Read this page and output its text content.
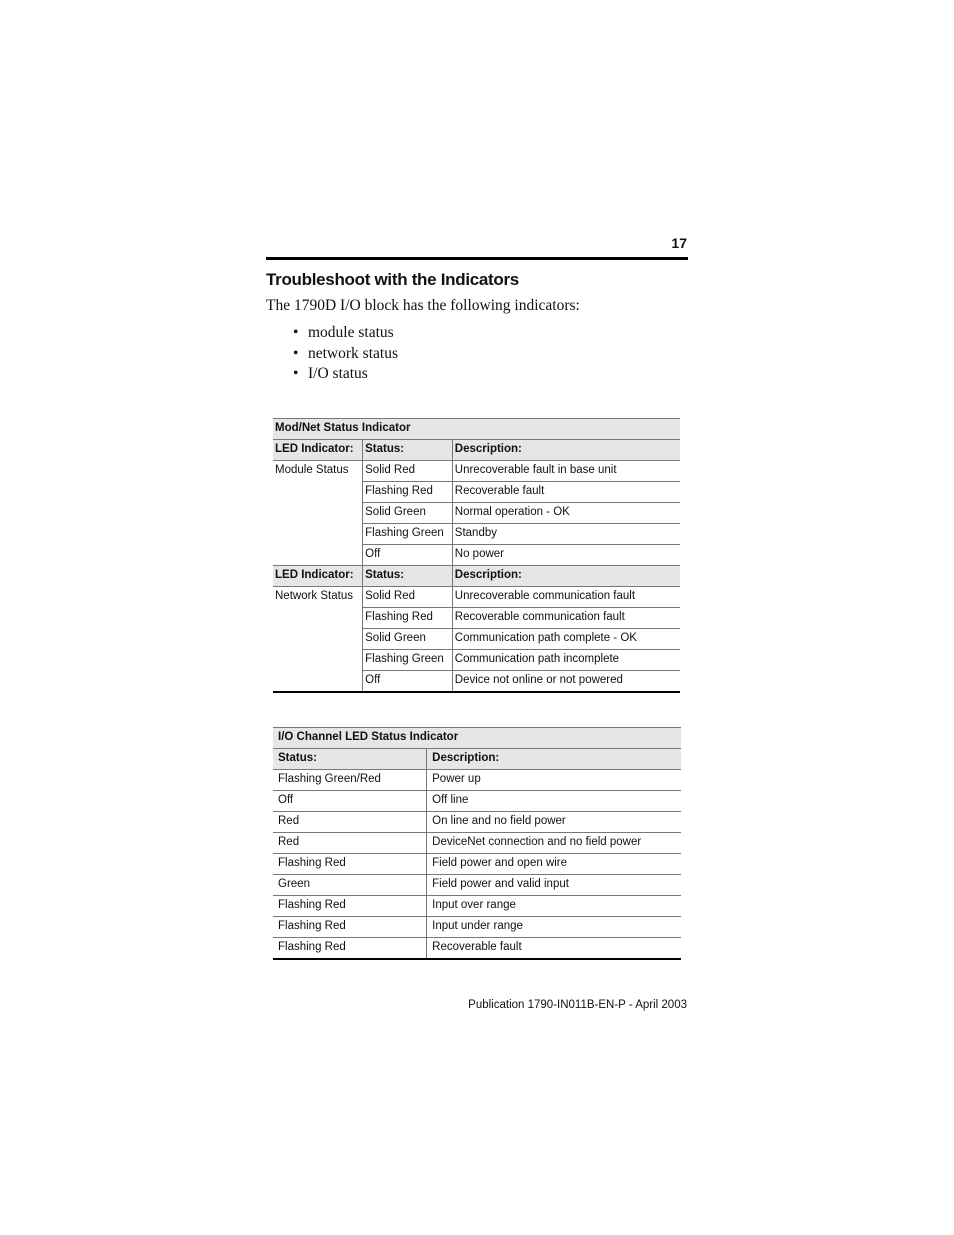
17
Troubleshoot with the Indicators

The 1790D I/O block has the following indicators:

• module status
• network status
• I/O status
Mod/Net Status Indicator		
LED Indicator:	Status:	Description:
Module Status	Solid Red	Unrecoverable fault in base unit
	Flashing Red	Recoverable fault
	Solid Green	Normal operation - OK
	Flashing Green	Standby
	Off	No power
LED Indicator:	Status:	Description:
Network Status	Solid Red	Unrecoverable communication fault
	Flashing Red	Recoverable communication fault
	Solid Green	Communication path complete - OK
	Flashing Green	Communication path incomplete
	Off	Device not online or not powered
I/O Channel LED Status Indicator	
Status:	Description:
Flashing Green/Red	Power up
Off	Off line
Red	On line and no field power
Red	DeviceNet connection and no field power
Flashing Red	Field power and open wire
Green	Field power and valid input
Flashing Red	Input over range
Flashing Red	Input under range
Flashing Red	Recoverable fault
Publication 1790-IN011B-EN-P - April 2003
